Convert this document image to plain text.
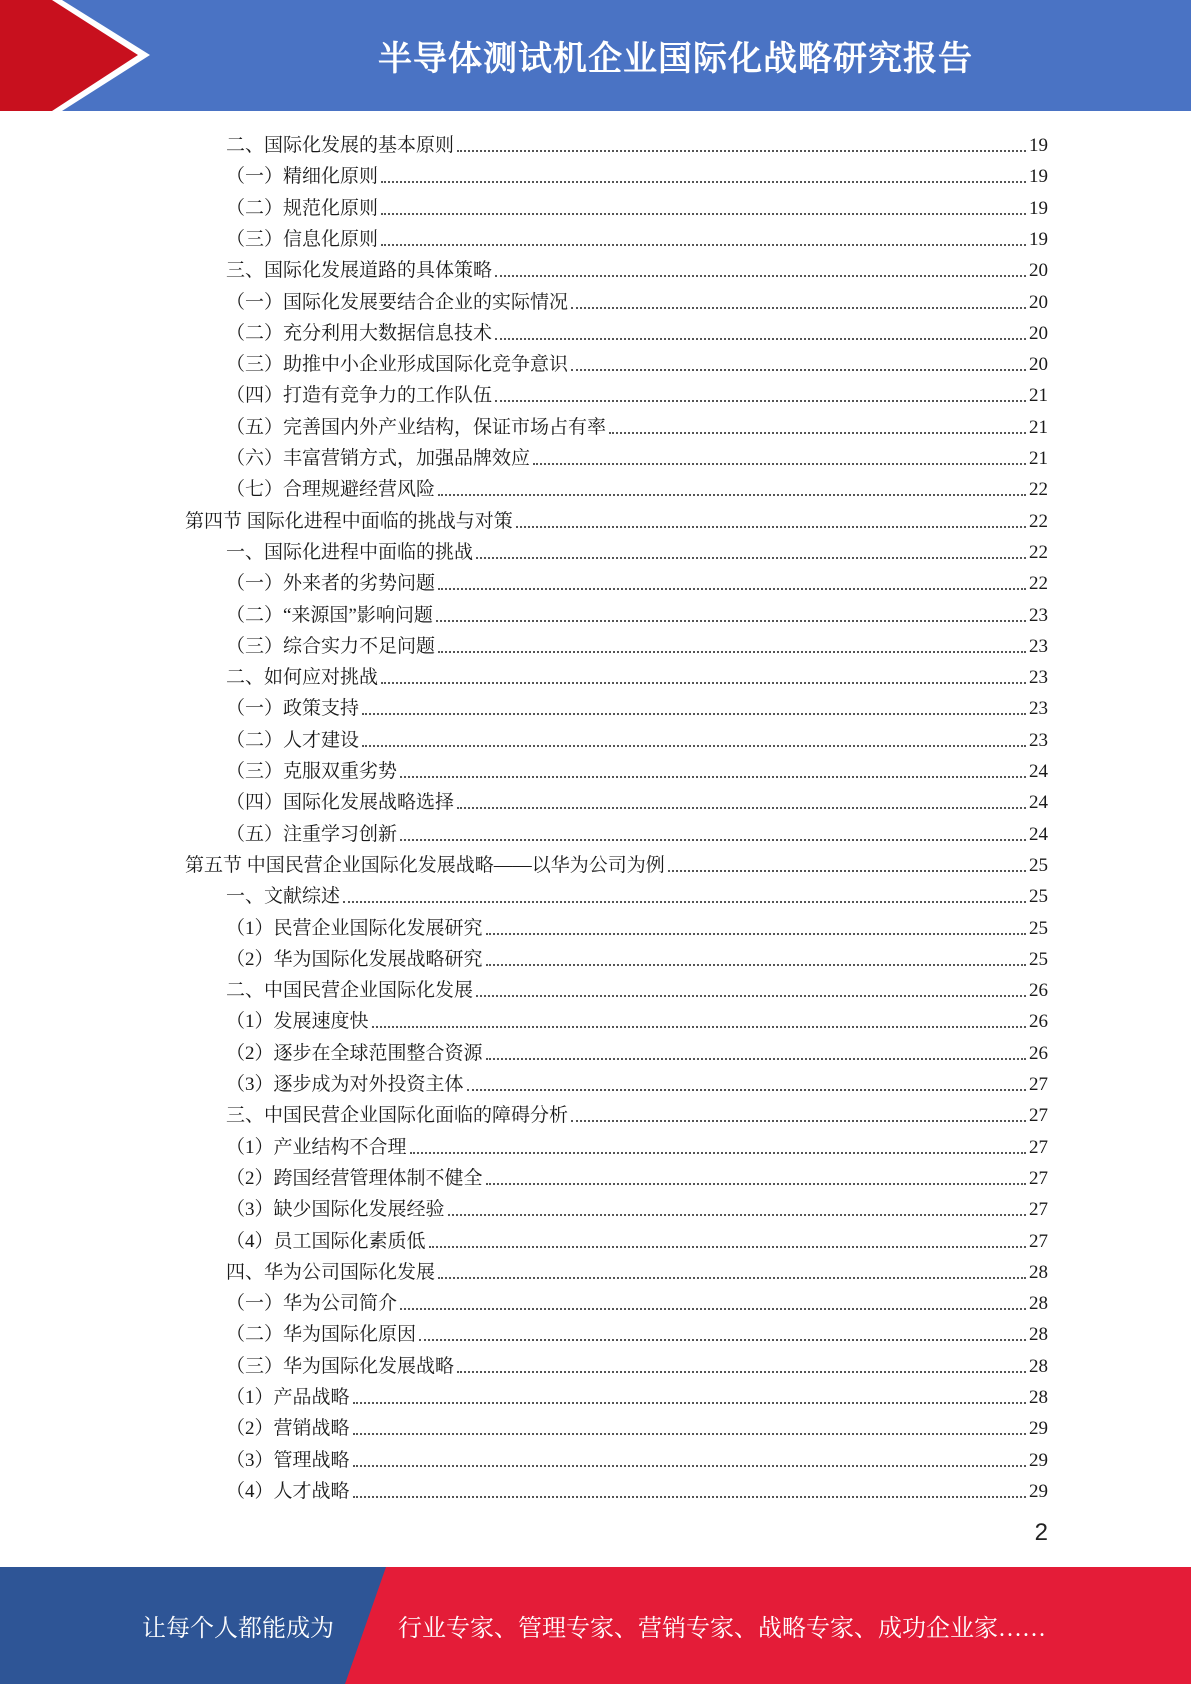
半导体测试机企业国际化战略研究报告
二、国际化发展的基本原则	19
（一）精细化原则	19
（二）规范化原则	19
（三）信息化原则	19
三、国际化发展道路的具体策略	20
（一）国际化发展要结合企业的实际情况	20
（二）充分利用大数据信息技术	20
（三）助推中小企业形成国际化竞争意识	20
（四）打造有竞争力的工作队伍	21
（五）完善国内外产业结构，保证市场占有率	21
（六）丰富营销方式，加强品牌效应	21
（七）合理规避经营风险	22
第四节 国际化进程中面临的挑战与对策	22
一、国际化进程中面临的挑战	22
（一）外来者的劣势问题	22
（二）“来源国”影响问题	23
（三）综合实力不足问题	23
二、如何应对挑战	23
（一）政策支持	23
（二）人才建设	23
（三）克服双重劣势	24
（四）国际化发展战略选择	24
（五）注重学习创新	24
第五节 中国民营企业国际化发展战略——以华为公司为例	25
一、文献综述	25
（1）民营企业国际化发展研究	25
（2）华为国际化发展战略研究	25
二、中国民营企业国际化发展	26
（1）发展速度快	26
（2）逐步在全球范围整合资源	26
（3）逐步成为对外投资主体	27
三、中国民营企业国际化面临的障碍分析	27
（1）产业结构不合理	27
（2）跨国经营管理体制不健全	27
（3）缺少国际化发展经验	27
（4）员工国际化素质低	27
四、华为公司国际化发展	28
（一）华为公司简介	28
（二）华为国际化原因	28
（三）华为国际化发展战略	28
（1）产品战略	28
（2）营销战略	29
（3）管理战略	29
（4）人才战略	29
2
让每个人都能成为	行业专家、管理专家、营销专家、战略专家、成功企业家……
